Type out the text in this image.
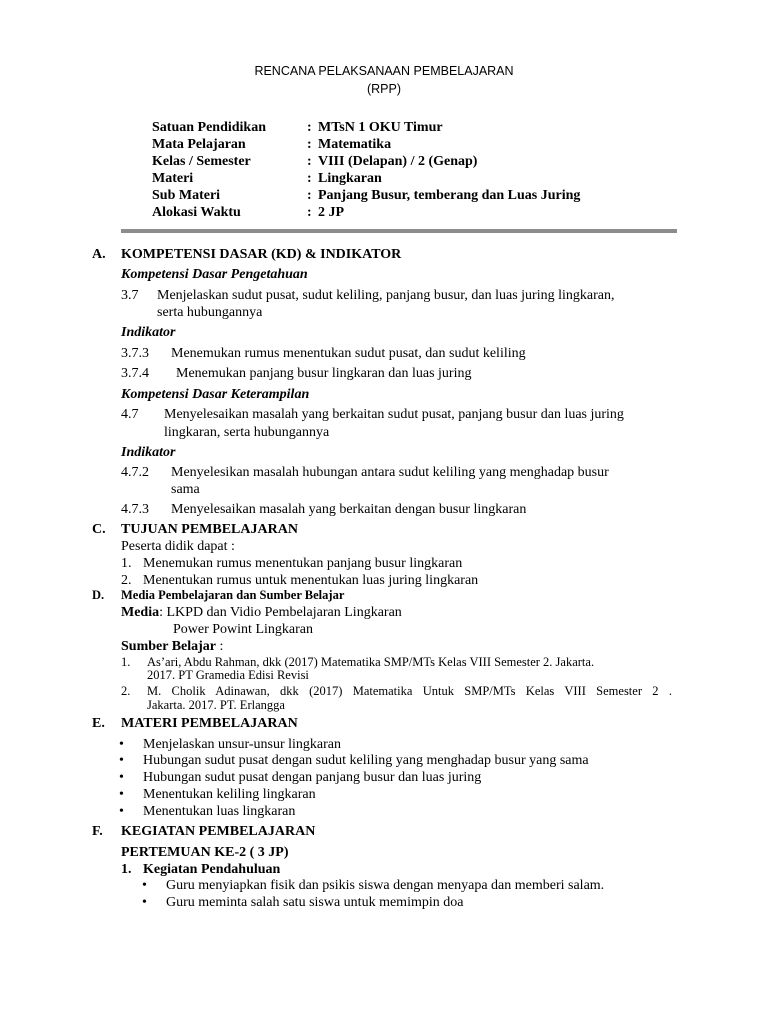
RENCANA PELAKSANAAN PEMBELAJARAN
(RPP)
Satuan Pendidikan	: MTsN 1 OKU Timur
Mata Pelajaran	: Matematika
Kelas / Semester	: VIII (Delapan) / 2 (Genap)
Materi	: Lingkaran
Sub Materi	: Panjang Busur, temberang dan Luas Juring
Alokasi Waktu	: 2 JP
A. KOMPETENSI DASAR (KD) & INDIKATOR
Kompetensi Dasar Pengetahuan
3.7 Menjelaskan sudut pusat, sudut keliling, panjang busur, dan luas juring lingkaran,
serta hubungannya
Indikator
3.7.3 Menemukan rumus menentukan sudut pusat, dan sudut keliling
3.7.4 Menemukan panjang busur lingkaran dan luas juring
Kompetensi Dasar Keterampilan
4.7 Menyelesaikan masalah yang berkaitan sudut pusat, panjang busur dan luas juring
lingkaran, serta hubungannya
Indikator
4.7.2 Menyelesikan masalah hubungan antara sudut keliling yang menghadap busur
sama
4.7.3 Menyelesaikan masalah yang berkaitan dengan busur lingkaran
C. TUJUAN PEMBELAJARAN
Peserta didik dapat :
1. Menemukan rumus menentukan panjang busur lingkaran
2. Menentukan rumus untuk menentukan luas juring lingkaran
D. Media Pembelajaran dan Sumber Belajar
Media: LKPD dan Vidio Pembelajaran Lingkaran
Power Powint Lingkaran
Sumber Belajar :
1. As’ari, Abdu Rahman, dkk (2017) Matematika SMP/MTs Kelas VIII Semester 2. Jakarta.
2017. PT Gramedia Edisi Revisi
2. M. Cholik Adinawan, dkk (2017) Matematika Untuk SMP/MTs Kelas VIII Semester 2 .
Jakarta. 2017. PT. Erlangga
E. MATERI PEMBELAJARAN
• Menjelaskan unsur-unsur lingkaran
• Hubungan sudut pusat dengan sudut keliling yang menghadap busur yang sama
• Hubungan sudut pusat dengan panjang busur dan luas juring
• Menentukan keliling lingkaran
• Menentukan luas lingkaran
F. KEGIATAN PEMBELAJARAN
PERTEMUAN KE-2 ( 3 JP)
1. Kegiatan Pendahuluan
• Guru menyiapkan fisik dan psikis siswa dengan menyapa dan memberi salam.
• Guru meminta salah satu siswa untuk memimpin doa
